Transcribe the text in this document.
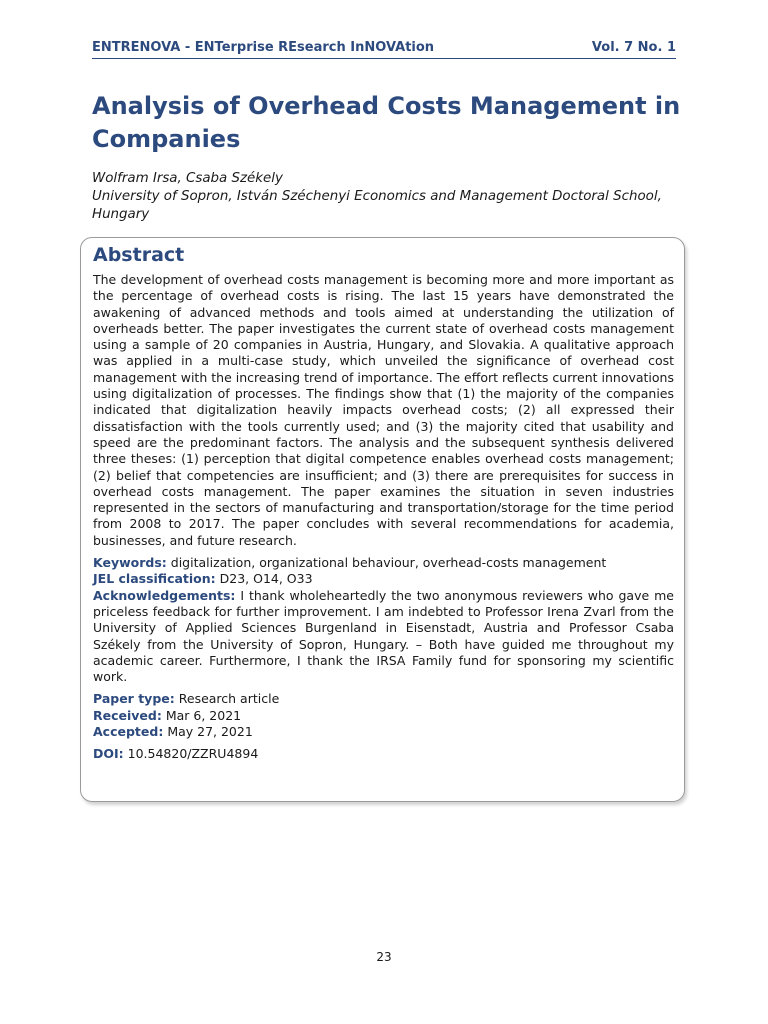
ENTRENOVA - ENTerprise REsearch InNOVAtion	Vol. 7 No. 1
Analysis of Overhead Costs Management in Companies
Wolfram Irsa, Csaba Székely
University of Sopron, István Széchenyi Economics and Management Doctoral School, Hungary
Abstract

The development of overhead costs management is becoming more and more important as the percentage of overhead costs is rising. The last 15 years have demonstrated the awakening of advanced methods and tools aimed at understanding the utilization of overheads better. The paper investigates the current state of overhead costs management using a sample of 20 companies in Austria, Hungary, and Slovakia. A qualitative approach was applied in a multi-case study, which unveiled the significance of overhead cost management with the increasing trend of importance. The effort reflects current innovations using digitalization of processes. The findings show that (1) the majority of the companies indicated that digitalization heavily impacts overhead costs; (2) all expressed their dissatisfaction with the tools currently used; and (3) the majority cited that usability and speed are the predominant factors. The analysis and the subsequent synthesis delivered three theses: (1) perception that digital competence enables overhead costs management; (2) belief that competencies are insufficient; and (3) there are prerequisites for success in overhead costs management. The paper examines the situation in seven industries represented in the sectors of manufacturing and transportation/storage for the time period from 2008 to 2017. The paper concludes with several recommendations for academia, businesses, and future research.

Keywords: digitalization, organizational behaviour, overhead-costs management
JEL classification: D23, O14, O33
Acknowledgements: I thank wholeheartedly the two anonymous reviewers who gave me priceless feedback for further improvement. I am indebted to Professor Irena Zvarl from the University of Applied Sciences Burgenland in Eisenstadt, Austria and Professor Csaba Székely from the University of Sopron, Hungary. – Both have guided me throughout my academic career. Furthermore, I thank the IRSA Family fund for sponsoring my scientific work.
Paper type: Research article
Received: Mar 6, 2021
Accepted: May 27, 2021
DOI: 10.54820/ZZRU4894
23
